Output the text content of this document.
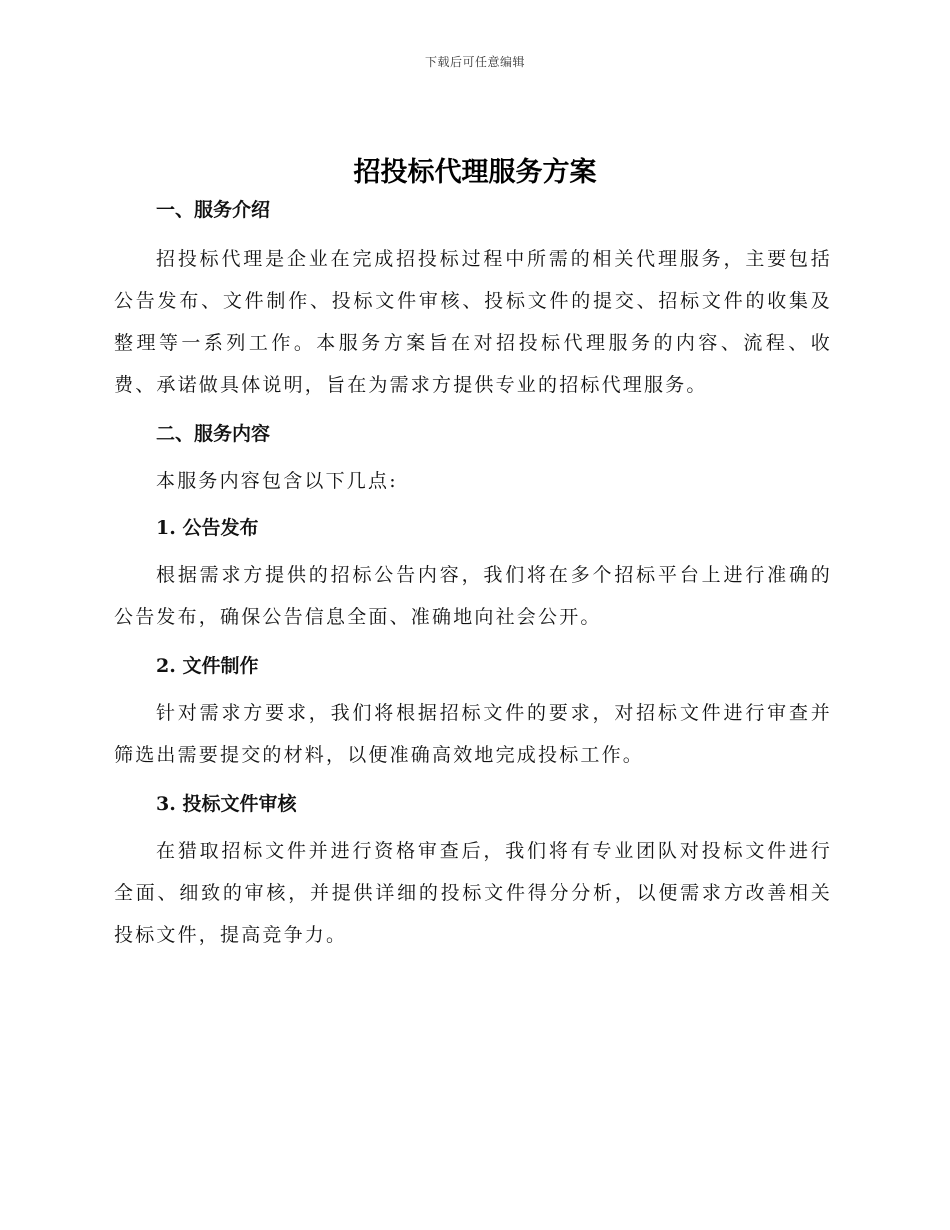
下载后可任意编辑
招投标代理服务方案
一、服务介绍

招投标代理是企业在完成招投标过程中所需的相关代理服务，主要包括公告发布、文件制作、投标文件审核、投标文件的提交、招标文件的收集及整理等一系列工作。本服务方案旨在对招投标代理服务的内容、流程、收费、承诺做具体说明，旨在为需求方提供专业的招标代理服务。

二、服务内容

本服务内容包含以下几点:

1. 公告发布

根据需求方提供的招标公告内容，我们将在多个招标平台上进行准确的公告发布，确保公告信息全面、准确地向社会公开。

2. 文件制作

针对需求方要求，我们将根据招标文件的要求，对招标文件进行审查并筛选出需要提交的材料，以便准确高效地完成投标工作。

3. 投标文件审核

在猎取招标文件并进行资格审查后，我们将有专业团队对投标文件进行全面、细致的审核，并提供详细的投标文件得分分析，以便需求方改善相关投标文件，提高竞争力。
